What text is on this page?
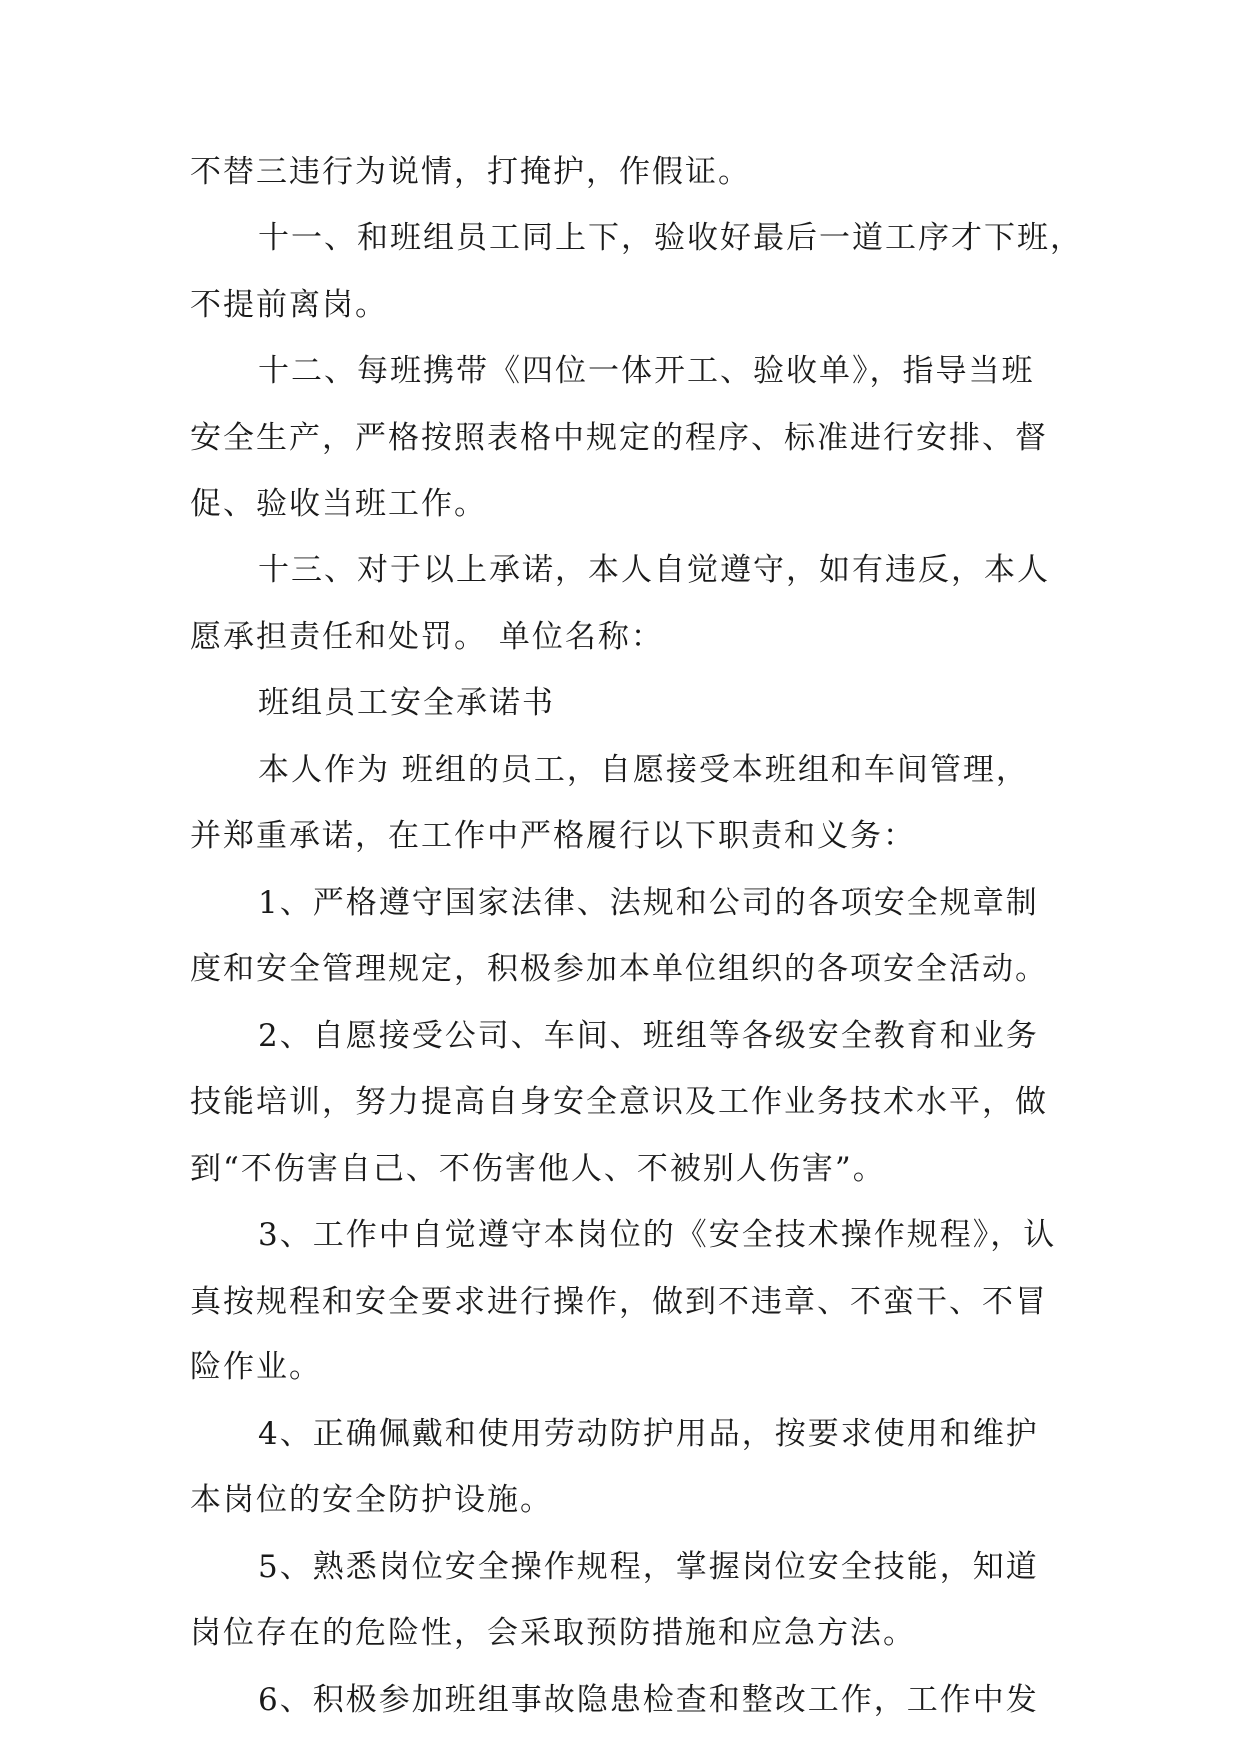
不替三违行为说情，打掩护，作假证。
十一、和班组员工同上下，验收好最后一道工序才下班，
不提前离岗。
十二、每班携带《四位一体开工、验收单》，指导当班
安全生产，严格按照表格中规定的程序、标准进行安排、督
促、验收当班工作。
十三、对于以上承诺，本人自觉遵守，如有违反，本人
愿承担责任和处罚。 单位名称：
班组员工安全承诺书
本人作为 班组的员工，自愿接受本班组和车间管理，
并郑重承诺，在工作中严格履行以下职责和义务：
1、严格遵守国家法律、法规和公司的各项安全规章制
度和安全管理规定，积极参加本单位组织的各项安全活动。
2、自愿接受公司、车间、班组等各级安全教育和业务
技能培训，努力提高自身安全意识及工作业务技术水平，做
到“不伤害自己、不伤害他人、不被别人伤害”。
3、工作中自觉遵守本岗位的《安全技术操作规程》，认
真按规程和安全要求进行操作，做到不违章、不蛮干、不冒
险作业。
4、正确佩戴和使用劳动防护用品，按要求使用和维护
本岗位的安全防护设施。
5、熟悉岗位安全操作规程，掌握岗位安全技能，知道
岗位存在的危险性，会采取预防措施和应急方法。
6、积极参加班组事故隐患检查和整改工作，工作中发
